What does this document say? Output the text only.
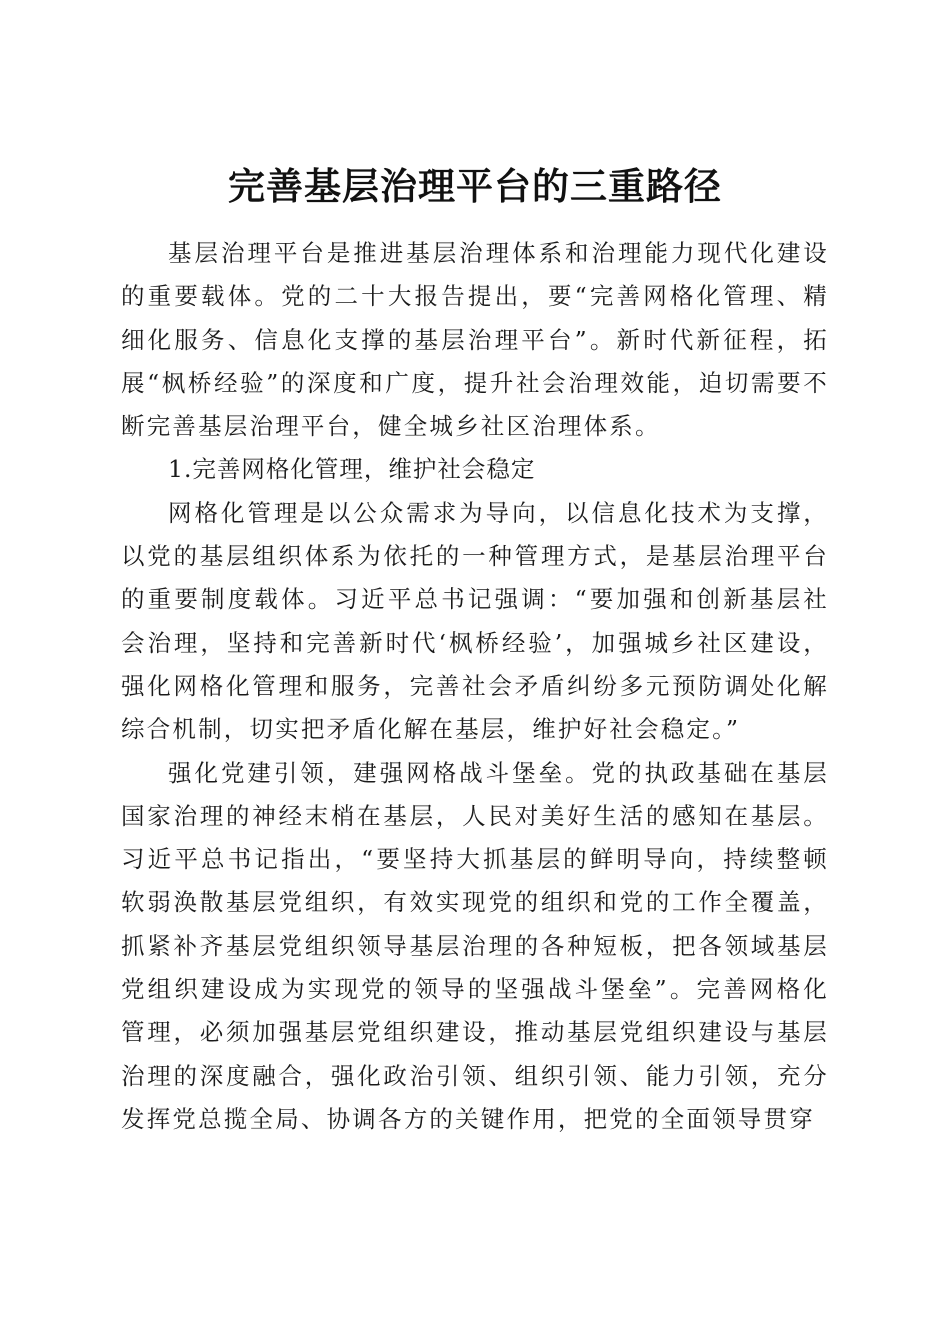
完善基层治理平台的三重路径

基层治理平台是推进基层治理体系和治理能力现代化建设的重要载体。党的二十大报告提出，要“完善网格化管理、精细化服务、信息化支撑的基层治理平台”。新时代新征程，拓展“枫桥经验”的深度和广度，提升社会治理效能，迫切需要不断完善基层治理平台，健全城乡社区治理体系。

1.完善网格化管理，维护社会稳定

网格化管理是以公众需求为导向，以信息化技术为支撑，以党的基层组织体系为依托的一种管理方式，是基层治理平台的重要制度载体。习近平总书记强调：“要加强和创新基层社会治理，坚持和完善新时代‘枫桥经验’，加强城乡社区建设，强化网格化管理和服务，完善社会矛盾纠纷多元预防调处化解综合机制，切实把矛盾化解在基层，维护好社会稳定。”

强化党建引领，建强网格战斗堡垒。党的执政基础在基层国家治理的神经末梢在基层，人民对美好生活的感知在基层。习近平总书记指出，“要坚持大抓基层的鲜明导向，持续整顿软弱涣散基层党组织，有效实现党的组织和党的工作全覆盖，抓紧补齐基层党组织领导基层治理的各种短板，把各领域基层党组织建设成为实现党的领导的坚强战斗堡垒”。完善网格化管理，必须加强基层党组织建设，推动基层党组织建设与基层治理的深度融合，强化政治引领、组织引领、能力引领，充分发挥党总揽全局、协调各方的关键作用，把党的全面领导贯穿
